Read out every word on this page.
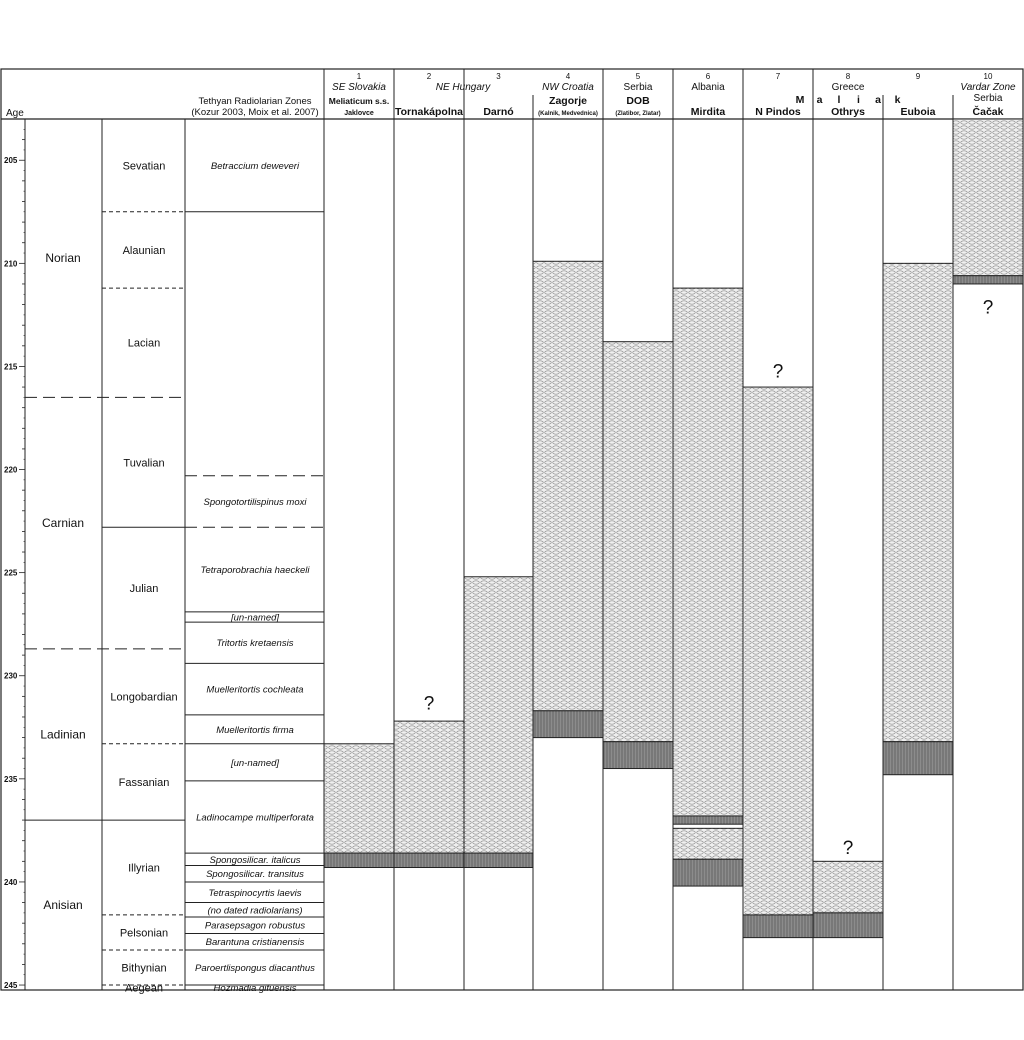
Age
Tethyan Radiolarian Zones
(Kozur 2003, Moix et al. 2007)
NE Hungary
205
210
215
220
225
230
235
240
245
Norian
Carnian
Ladinian
Anisian
Sevatian
Alaunian
Lacian
Tuvalian
Julian
Longobardian
Fassanian
Illyrian
Pelsonian
Bithynian
Aegean
Betraccium deweveri
Spongotortilispinus moxi
Tetraporobrachia haeckeli
[un-named]
Tritortis kretaensis
Muelleritortis cochleata
Muelleritortis firma
[un-named]
Ladinocampe multiperforata
Spongosilicar. italicus
Spongosilicar. transitus
Tetraspinocyrtis laevis
(no dated radiolarians)
Parasepsagon robustus
Barantuna cristianensis
Paroertlispongus diacanthus
Hozmadia gifuensis
1
SE Slovakia
Meliaticum s.s.
Jaklovce
2
Tornakápolna
?
3
Darnó
4
NW Croatia
Zagorje
(Kalnik, Medvednica)
5
Serbia
DOB
(Zlatibor, Zlatar)
6
Albania
Mirdita
7
N Pindos
?
8
Greece
Othrys
?
9
Euboia
10
Vardar Zone
Serbia
Čačak
?
M a l i a k
